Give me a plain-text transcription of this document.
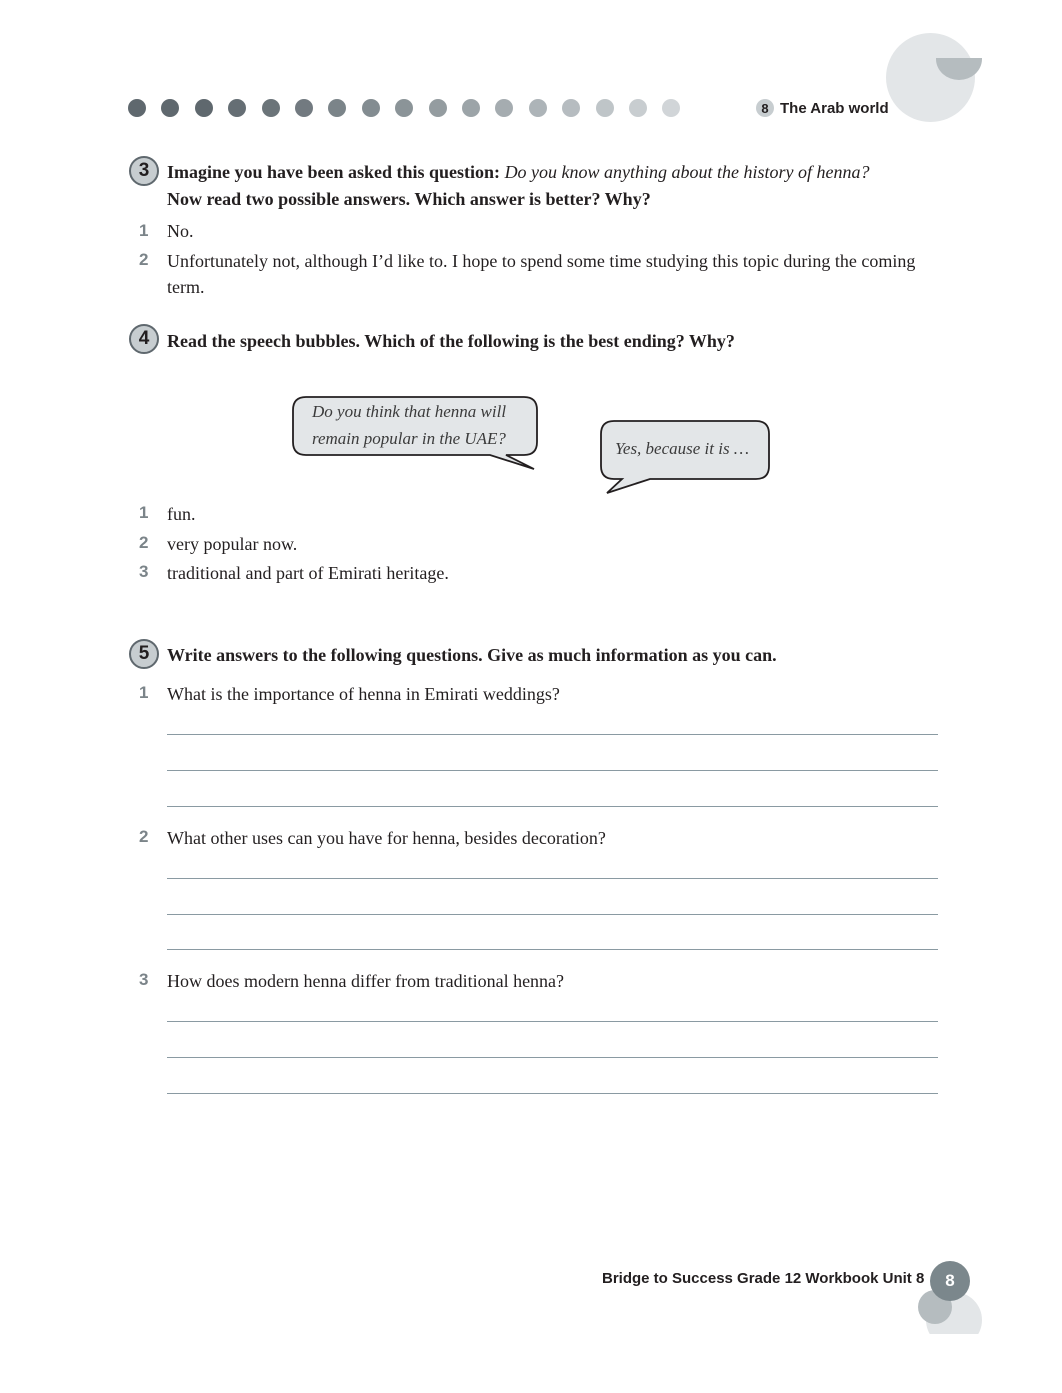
8 The Arab world
3 Imagine you have been asked this question: Do you know anything about the history of henna?
Now read two possible answers. Which answer is better? Why?
1 No.
2 Unfortunately not, although I’d like to. I hope to spend some time studying this topic during the coming term.
4 Read the speech bubbles. Which of the following is the best ending? Why?
Do you think that henna will
remain popular in the UAE?
Yes, because it is …
1 fun.
2 very popular now.
3 traditional and part of Emirati heritage.
5 Write answers to the following questions. Give as much information as you can.
1 What is the importance of henna in Emirati weddings?
2 What other uses can you have for henna, besides decoration?
3 How does modern henna differ from traditional henna?
Bridge to Success Grade 12 Workbook Unit 8	8
